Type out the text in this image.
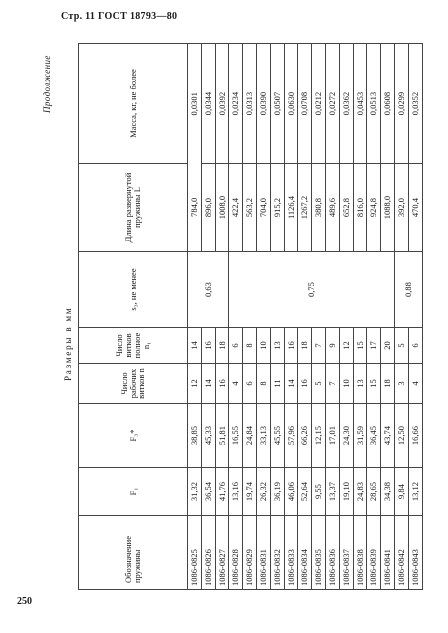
Стр. 11 ГОСТ 18793—80
250
Продолжение
Размеры в мм
Обозначение пружины	F₁	F₃*	Число рабочих витков n	Число витков полное n₁	s₃, не менее	Длина развернутой пружины L	Масса, кг, не более
1086-0825	31,32	38,85	12	14	0,63	784,0	0,0301
1086-0826	36,54	45,33	14	16		896,0	0,0344
1086-0827	41,76	51,81	16	18		1008,0	0,0392
1086-0828	13,16	16,55	4	6	0,75	422,4	0,0234
1086-0829	19,74	24,84	6	8		563,2	0,0313
1086-0831	26,32	33,13	8	10		704,0	0,0390
1086-0832	36,19	45,55	11	13		915,2	0,0507
1086-0833	46,06	57,96	14	16		1126,4	0,0630
1086-0834	52,64	66,26	16	18		1267,2	0,0708
1086-0835	9,55	12,15	5	7		380,8	0,0212
1086-0836	13,37	17,01	7	9		489,6	0,0272
1086-0837	19,10	24,30	10	12		652,8	0,0362
1086-0838	24,83	31,59	13	15		816,0	0,0453
1086-0839	28,65	36,45	15	17		924,8	0,0513
1086-0841	34,38	43,74	18	20		1088,0	0,0608
1086-0842	9,84	12,50	3	5	0,88	392,0	0,0299
1086-0843	13,12	16,66	4	6		470,4	0,0352
